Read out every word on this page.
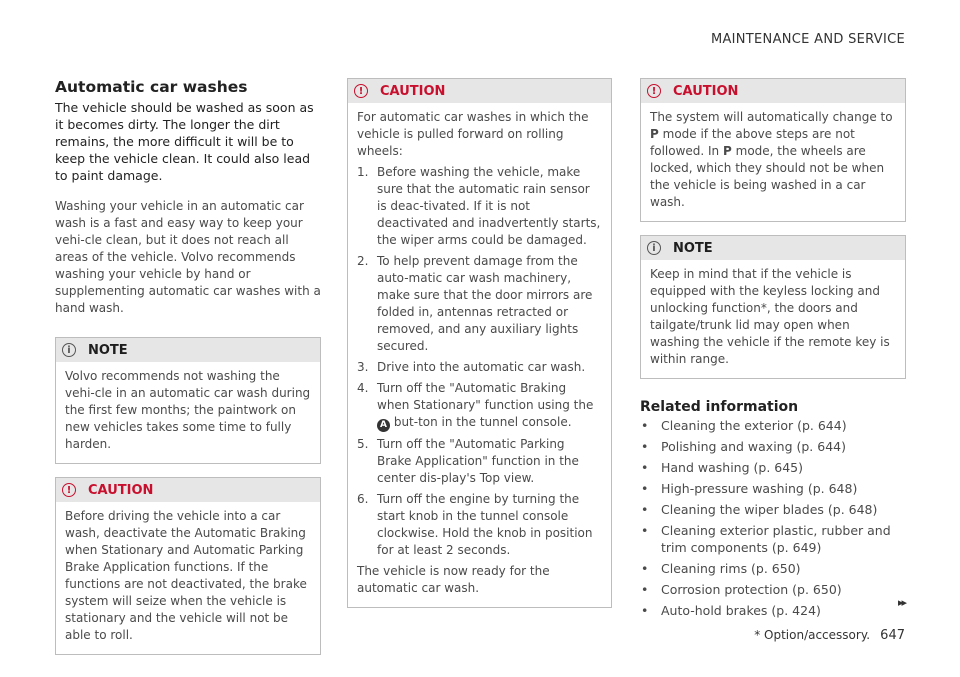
MAINTENANCE AND SERVICE
Automatic car washes

The vehicle should be washed as soon as it becomes dirty. The longer the dirt remains, the more difficult it will be to keep the vehicle clean. It could also lead to paint damage.

Washing your vehicle in an automatic car wash is a fast and easy way to keep your vehi-cle clean, but it does not reach all areas of the vehicle. Volvo recommends washing your vehicle by hand or supplementing automatic car washes with a hand wash.

i	NOTE
Volvo recommends not washing the vehi-cle in an automatic car wash during the first few months; the paintwork on new vehicles takes some time to fully harden.
!	CAUTION
Before driving the vehicle into a car wash, deactivate the Automatic Braking when Stationary and Automatic Parking Brake Application functions. If the functions are not deactivated, the brake system will seize when the vehicle is stationary and the vehicle will not be able to roll.
!	CAUTION
For automatic car washes in which the vehicle is pulled forward on rolling wheels:
1. Before washing the vehicle, make sure that the automatic rain sensor is deac-tivated. If it is not deactivated and inadvertently starts, the wiper arms could be damaged.
2. To help prevent damage from the auto-matic car wash machinery, make sure that the door mirrors are folded in, antennas retracted or removed, and any auxiliary lights secured.
3. Drive into the automatic car wash.
4. Turn off the "Automatic Braking when Stationary" function using the A but-ton in the tunnel console.
5. Turn off the "Automatic Parking Brake Application" function in the center dis-play's Top view.
6. Turn off the engine by turning the start knob in the tunnel console clockwise. Hold the knob in position for at least 2 seconds.
The vehicle is now ready for the automatic car wash.
!	CAUTION
The system will automatically change to P mode if the above steps are not followed. In P mode, the wheels are locked, which they should not be when the vehicle is being washed in a car wash.
i	NOTE
Keep in mind that if the vehicle is equipped with the keyless locking and unlocking function*, the doors and tailgate/trunk lid may open when washing the vehicle if the remote key is within range.
Related information
•	Cleaning the exterior (p. 644)
•	Polishing and waxing (p. 644)
•	Hand washing (p. 645)
•	High-pressure washing (p. 648)
•	Cleaning the wiper blades (p. 648)
•	Cleaning exterior plastic, rubber and trim components (p. 649)
•	Cleaning rims (p. 650)
•	Corrosion protection (p. 650)
•	Auto-hold brakes (p. 424)
▸▸
* Option/accessory. 647
